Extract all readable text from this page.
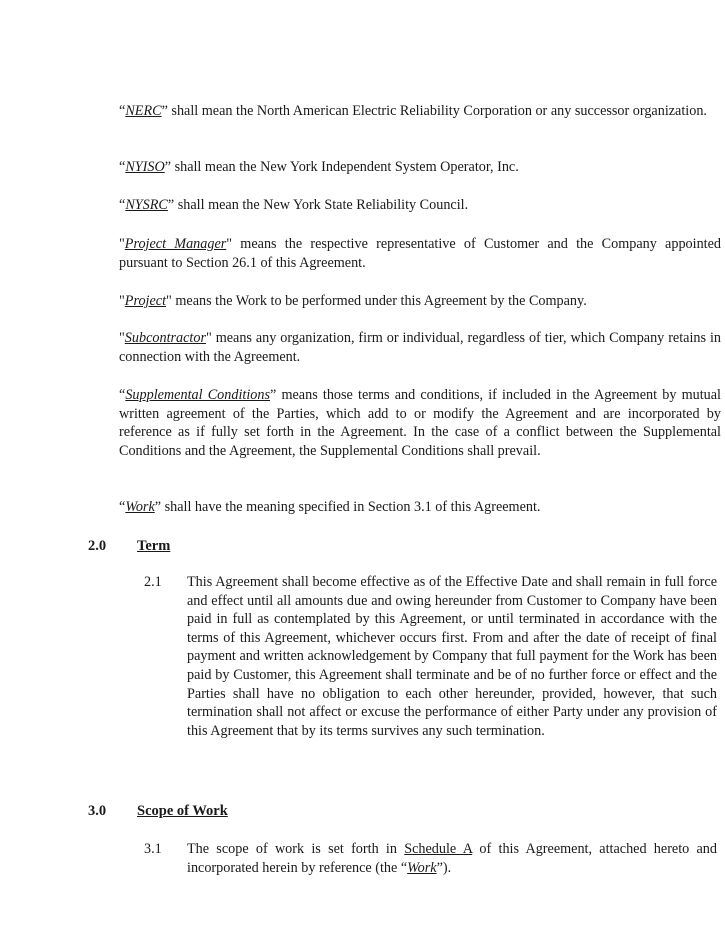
“NERC” shall mean the North American Electric Reliability Corporation or any successor organization.

“NYISO” shall mean the New York Independent System Operator, Inc.

“NYSRC” shall mean the New York State Reliability Council.

"Project Manager" means the respective representative of Customer and the Company appointed pursuant to Section 26.1 of this Agreement.

"Project" means the Work to be performed under this Agreement by the Company.

"Subcontractor" means any organization, firm or individual, regardless of tier, which Company retains in connection with the Agreement.

“Supplemental Conditions” means those terms and conditions, if included in the Agreement by mutual written agreement of the Parties, which add to or modify the Agreement and are incorporated by reference as if fully set forth in the Agreement. In the case of a conflict between the Supplemental Conditions and the Agreement, the Supplemental Conditions shall prevail.

“Work” shall have the meaning specified in Section 3.1 of this Agreement.

2.0 Term
2.1 This Agreement shall become effective as of the Effective Date and shall remain in full force and effect until all amounts due and owing hereunder from Customer to Company have been paid in full as contemplated by this Agreement, or until terminated in accordance with the terms of this Agreement, whichever occurs first. From and after the date of receipt of final payment and written acknowledgement by Company that full payment for the Work has been paid by Customer, this Agreement shall terminate and be of no further force or effect and the Parties shall have no obligation to each other hereunder, provided, however, that such termination shall not affect or excuse the performance of either Party under any provision of this Agreement that by its terms survives any such termination.

3.0 Scope of Work
3.1 The scope of work is set forth in Schedule A of this Agreement, attached hereto and incorporated herein by reference (the “Work”).
